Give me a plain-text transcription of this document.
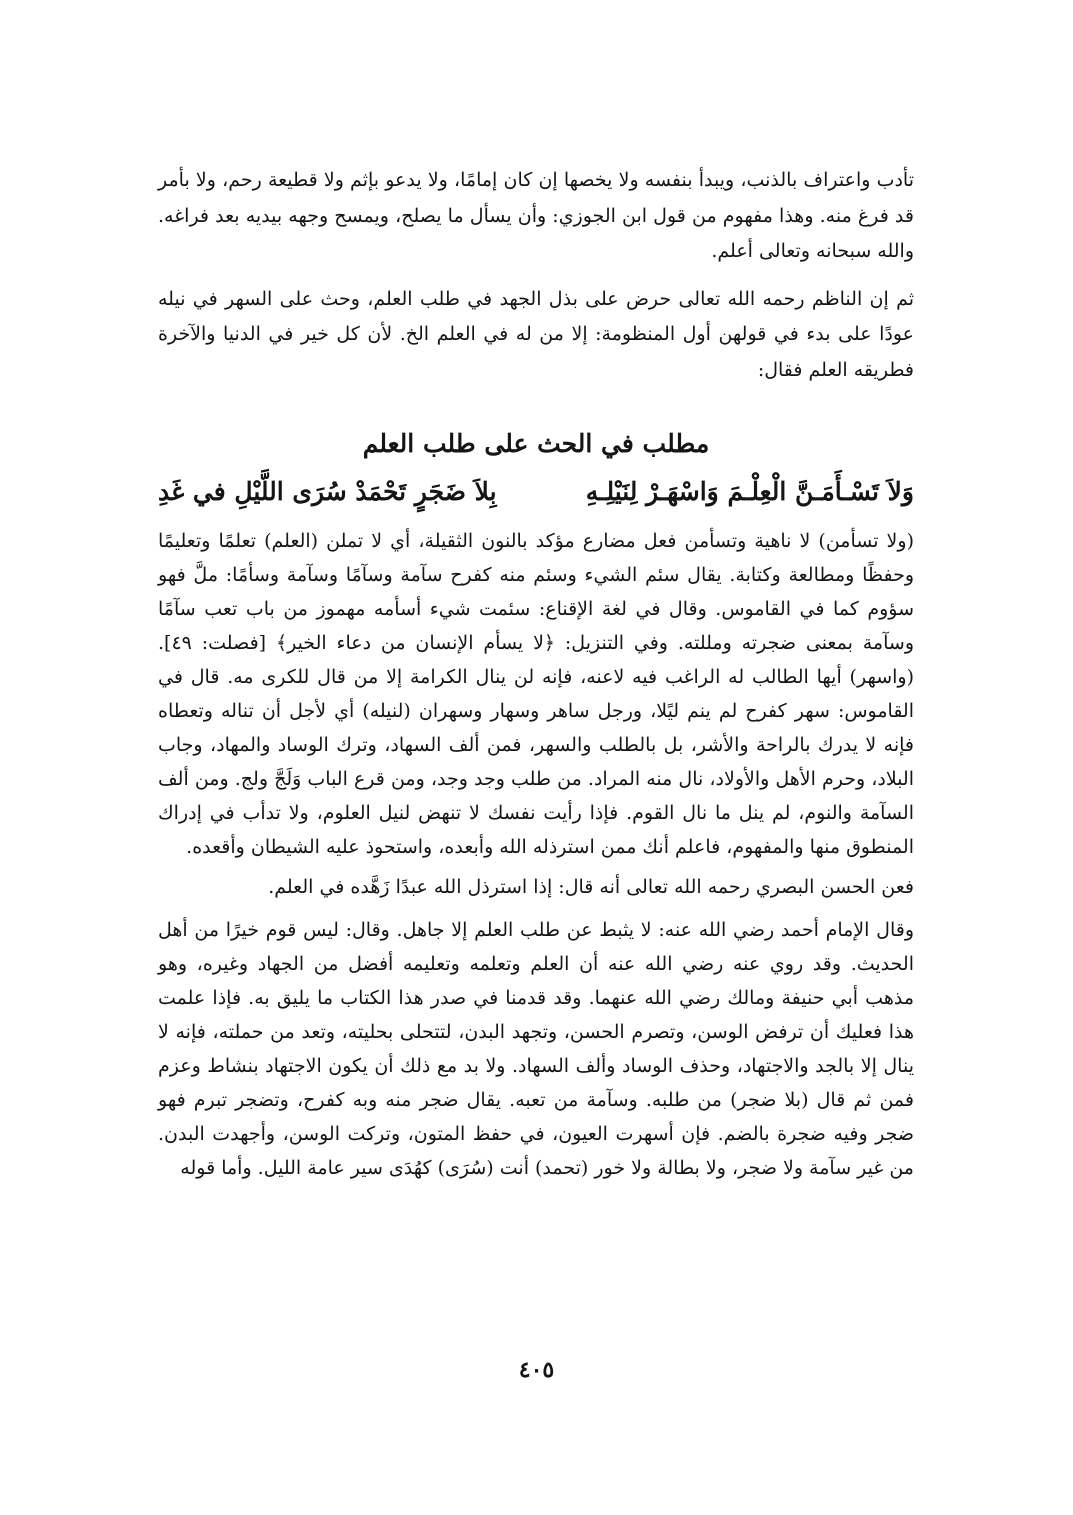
تأدب واعتراف بالذنب، ويبدأ بنفسه ولا يخصها إن كان إمامًا، ولا يدعو بإثم ولا قطيعة رحم، ولا بأمر قد فرغ منه. وهذا مفهوم من قول ابن الجوزي: وأن يسأل ما يصلح، ويمسح وجهه بيديه بعد فراغه. والله سبحانه وتعالى أعلم.

ثم إن الناظم رحمه الله تعالى حرض على بذل الجهد في طلب العلم، وحث على السهر في نيله عودًا على بدء في قولهن أول المنظومة: إلا من له في العلم الخ. لأن كل خير في الدنيا والآخرة فطريقه العلم فقال:

مطلب في الحث على طلب العلم
وَلاَ تَسْـأَمَـنَّ الْعِلْـمَ وَاسْهَـرْ لِنَيْلِـهِ
بِلاَ ضَجَرٍ تَحْمَدْ سُرَى اللَّيْلِ في غَدِ

(ولا تسأمن) لا ناهية وتسأمن فعل مضارع مؤكد بالنون الثقيلة، أي لا تملن (العلم) تعلمًا وتعليمًا وحفظًا ومطالعة وكتابة. يقال سئم الشيء وسئم منه كفرح سآمة وسآمًا وسآمة وسأمًا: ملَّ فهو سؤوم كما في القاموس. وقال في لغة الإقناع: سئمت شيء أسأمه مهموز من باب تعب سآمًا وسآمة بمعنى ضجرته ومللته. وفي التنزيل: ﴿لا يسأم الإنسان من دعاء الخير﴾ [فصلت: ٤٩]. (واسهر) أيها الطالب له الراغب فيه لاعنه، فإنه لن ينال الكرامة إلا من قال للكرى مه. قال في القاموس: سهر كفرح لم ينم ليًلا، ورجل ساهر وسهار وسهران (لنيله) أي لأجل أن تناله وتعطاه فإنه لا يدرك بالراحة والأشر، بل بالطلب والسهر، فمن ألف السهاد، وترك الوساد والمهاد، وجاب البلاد، وحرم الأهل والأولاد، نال منه المراد. من طلب وجد وجد، ومن قرع الباب وَلَجَّ ولج. ومن ألف السآمة والنوم، لم ينل ما نال القوم. فإذا رأيت نفسك لا تنهض لنيل العلوم، ولا تدأب في إدراك المنطوق منها والمفهوم، فاعلم أنك ممن استرذله الله وأبعده، واستحوذ عليه الشيطان وأقعده.

فعن الحسن البصري رحمه الله تعالى أنه قال: إذا استرذل الله عبدًا زَهَّده في العلم.

وقال الإمام أحمد رضي الله عنه: لا يثبط عن طلب العلم إلا جاهل. وقال: ليس قوم خيرًا من أهل الحديث. وقد روي عنه رضي الله عنه أن العلم وتعلمه وتعليمه أفضل من الجهاد وغيره، وهو مذهب أبي حنيفة ومالك رضي الله عنهما. وقد قدمنا في صدر هذا الكتاب ما يليق به. فإذا علمت هذا فعليك أن ترفض الوسن، وتصرم الحسن، وتجهد البدن، لتتحلى بحليته، وتعد من حملته، فإنه لا ينال إلا بالجد والاجتهاد، وحذف الوساد وألف السهاد. ولا بد مع ذلك أن يكون الاجتهاد بنشاط وعزم فمن ثم قال (بلا ضجر) من طلبه. وسآمة من تعبه. يقال ضجر منه وبه كفرح، وتضجر تبرم فهو ضجر وفيه ضجرة بالضم. فإن أسهرت العيون، في حفظ المتون، وتركت الوسن، وأجهدت البدن. من غير سآمة ولا ضجر، ولا بطالة ولا خور (تحمد) أنت (سُرَى) كهُدَى سير عامة الليل. وأما قوله

٤٠٥
